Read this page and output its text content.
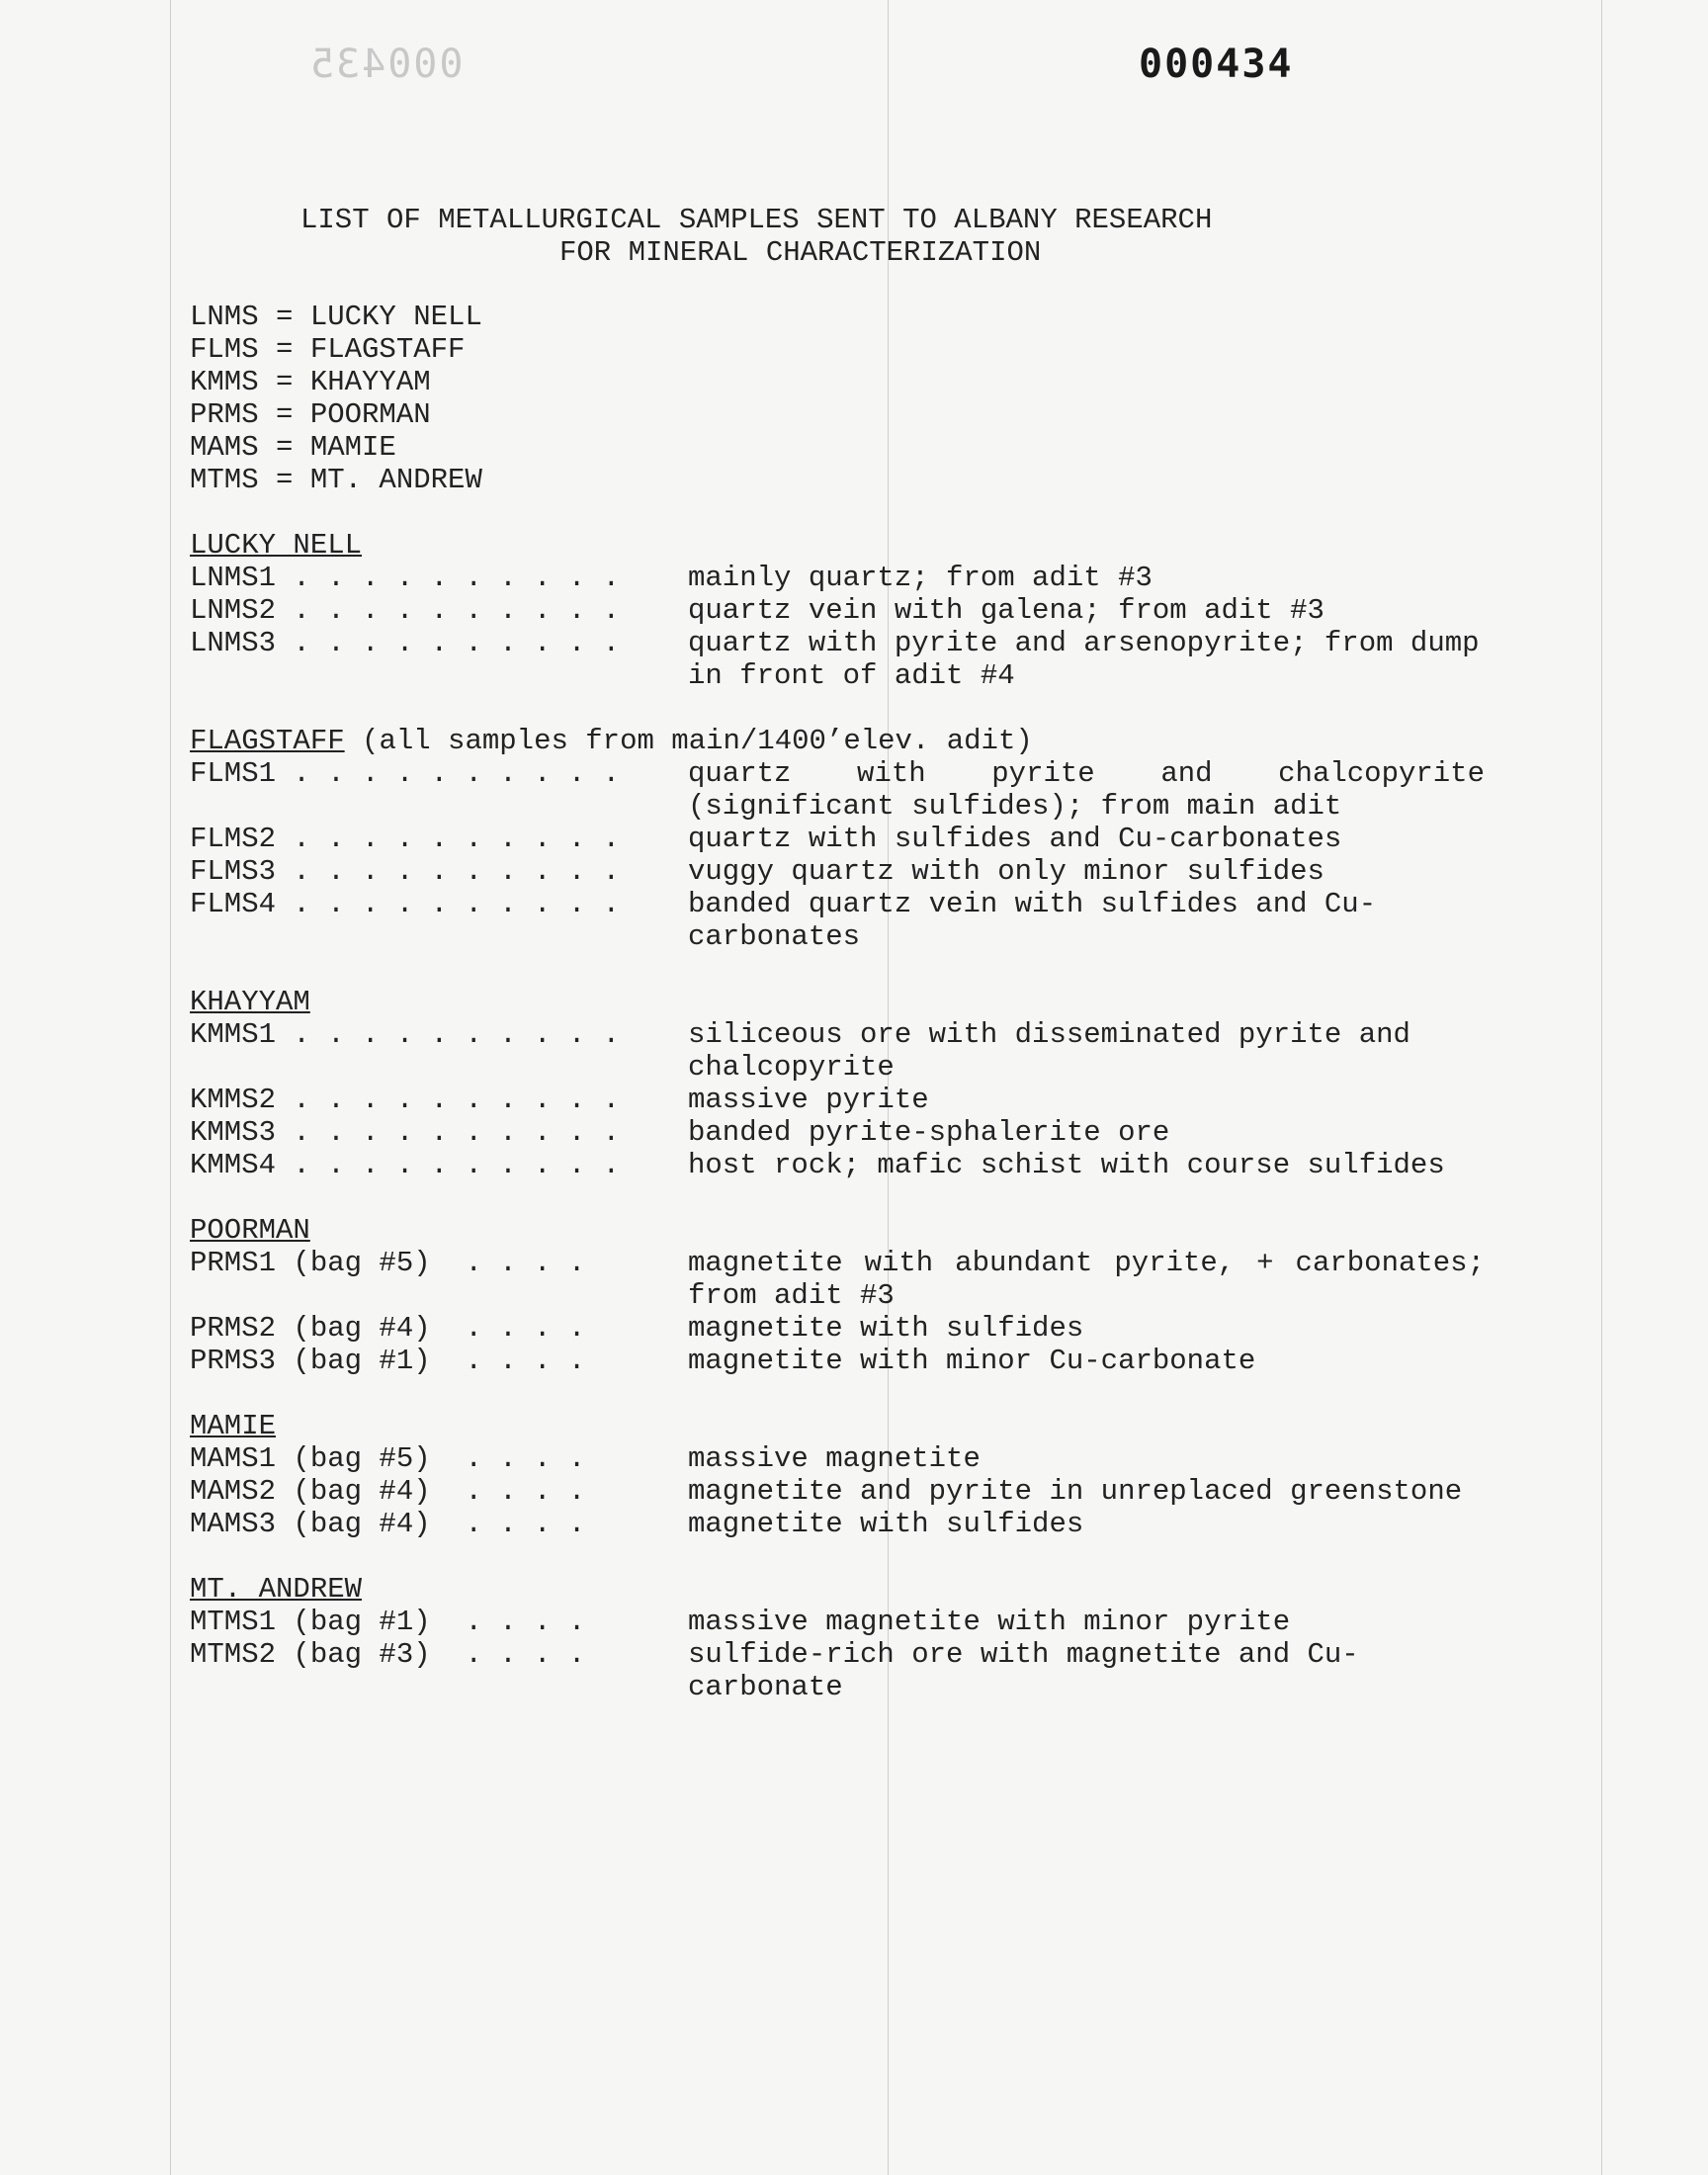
000435	000434
LIST OF METALLURGICAL SAMPLES SENT TO ALBANY RESEARCH
FOR MINERAL CHARACTERIZATION
LNMS = LUCKY NELL
FLMS = FLAGSTAFF
KMMS = KHAYYAM
PRMS = POORMAN
MAMS = MAMIE
MTMS = MT. ANDREW
LUCKY NELL
LNMS1 . . . . . . . . . .	mainly quartz; from adit #3
LNMS2 . . . . . . . . . .	quartz vein with galena; from adit #3
LNMS3 . . . . . . . . . .	quartz with pyrite and arsenopyrite; from dump in front of adit #4
FLAGSTAFF (all samples from main/1400’elev. adit)
FLMS1 . . . . . . . . . .	quartz with pyrite and chalcopyrite (significant sulfides); from main adit
FLMS2 . . . . . . . . . .	quartz with sulfides and Cu-carbonates
FLMS3 . . . . . . . . . .	vuggy quartz with only minor sulfides
FLMS4 . . . . . . . . . .	banded quartz vein with sulfides and Cu-carbonates
KHAYYAM
KMMS1 . . . . . . . . . .	siliceous ore with disseminated pyrite and chalcopyrite
KMMS2 . . . . . . . . . .	massive pyrite
KMMS3 . . . . . . . . . .	banded pyrite-sphalerite ore
KMMS4 . . . . . . . . . .	host rock; mafic schist with course sulfides
POORMAN
PRMS1 (bag #5)  . . . .	magnetite with abundant pyrite, + carbonates; from adit #3
PRMS2 (bag #4)  . . . .	magnetite with sulfides
PRMS3 (bag #1)  . . . .	magnetite with minor Cu-carbonate
MAMIE
MAMS1 (bag #5)  . . . .	massive magnetite
MAMS2 (bag #4)  . . . .	magnetite and pyrite in unreplaced greenstone
MAMS3 (bag #4)  . . . .	magnetite with sulfides
MT. ANDREW
MTMS1 (bag #1)  . . . .	massive magnetite with minor pyrite
MTMS2 (bag #3)  . . . .	sulfide-rich ore with magnetite and Cu-carbonate
